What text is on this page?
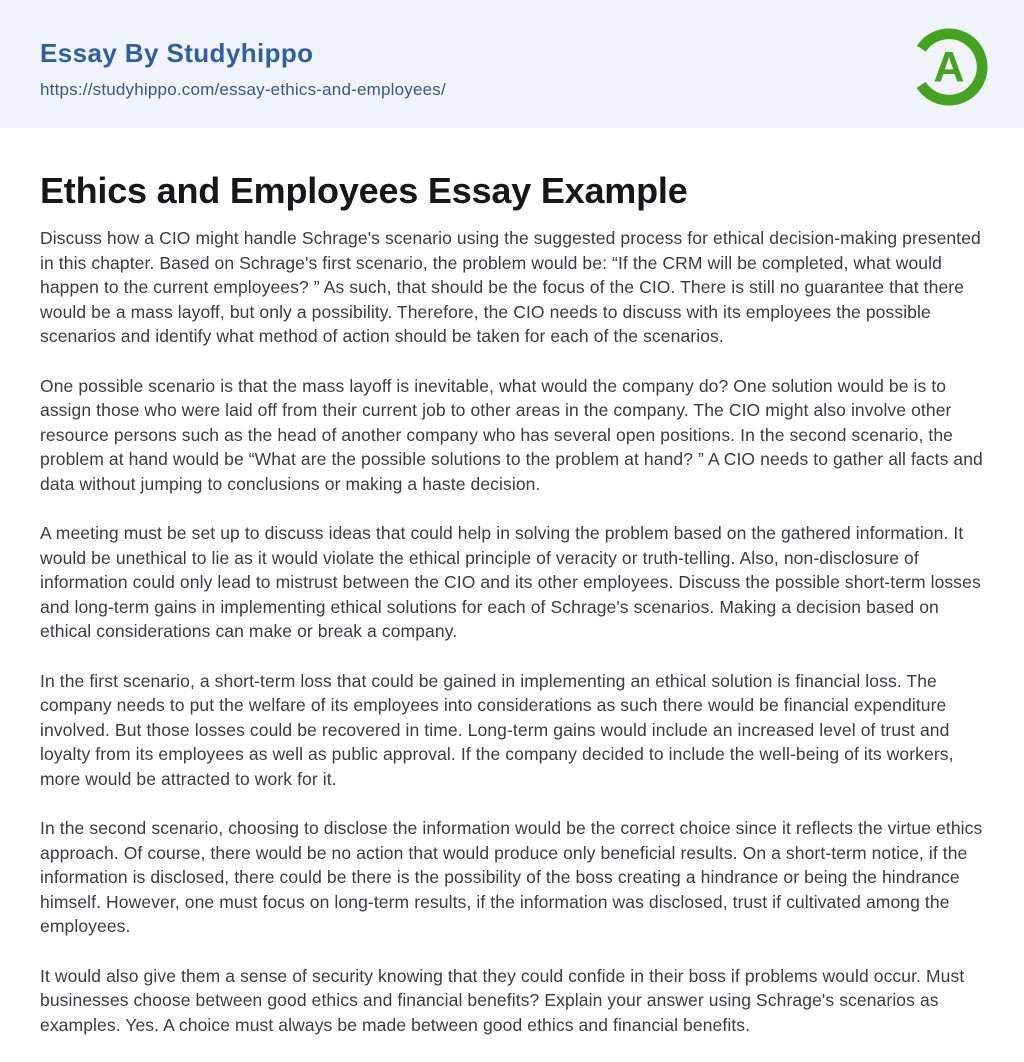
Essay By Studyhippo
https://studyhippo.com/essay-ethics-and-employees/	A
Ethics and Employees Essay Example

Discuss how a CIO might handle Schrage's scenario using the suggested process for ethical decision-making presented in this chapter. Based on Schrage's first scenario, the problem would be: “If the CRM will be completed, what would happen to the current employees? ” As such, that should be the focus of the CIO. There is still no guarantee that there would be a mass layoff, but only a possibility. Therefore, the CIO needs to discuss with its employees the possible scenarios and identify what method of action should be taken for each of the scenarios.

One possible scenario is that the mass layoff is inevitable, what would the company do? One solution would be is to assign those who were laid off from their current job to other areas in the company. The CIO might also involve other resource persons such as the head of another company who has several open positions. In the second scenario, the problem at hand would be “What are the possible solutions to the problem at hand? ” A CIO needs to gather all facts and data without jumping to conclusions or making a haste decision.

A meeting must be set up to discuss ideas that could help in solving the problem based on the gathered information. It would be unethical to lie as it would violate the ethical principle of veracity or truth-telling. Also, non-disclosure of information could only lead to mistrust between the CIO and its other employees. Discuss the possible short-term losses and long-term gains in implementing ethical solutions for each of Schrage's scenarios. Making a decision based on ethical considerations can make or break a company.

In the first scenario, a short-term loss that could be gained in implementing an ethical solution is financial loss. The company needs to put the welfare of its employees into considerations as such there would be financial expenditure involved. But those losses could be recovered in time. Long-term gains would include an increased level of trust and loyalty from its employees as well as public approval. If the company decided to include the well-being of its workers, more would be attracted to work for it.

In the second scenario, choosing to disclose the information would be the correct choice since it reflects the virtue ethics approach. Of course, there would be no action that would produce only beneficial results. On a short-term notice, if the information is disclosed, there could be there is the possibility of the boss creating a hindrance or being the hindrance himself. However, one must focus on long-term results, if the information was disclosed, trust if cultivated among the employees.

It would also give them a sense of security knowing that they could confide in their boss if problems would occur. Must businesses choose between good ethics and financial benefits? Explain your answer using Schrage's scenarios as examples. Yes. A choice must always be made between good ethics and financial benefits.
